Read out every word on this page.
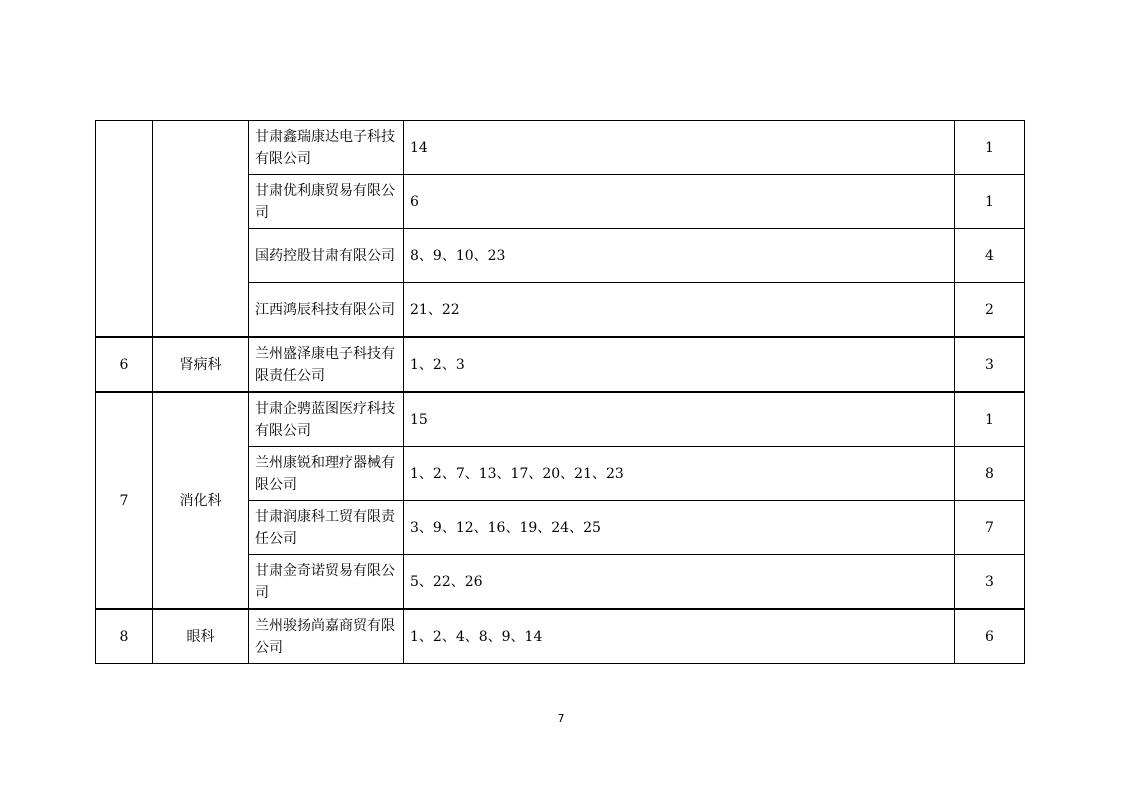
		甘肃鑫瑞康达电子科技有限公司	14	1
		甘肃优利康贸易有限公司	6	1
		国药控股甘肃有限公司	8、9、10、23	4
		江西鸿辰科技有限公司	21、22	2
6	肾病科	兰州盛泽康电子科技有限责任公司	1、2、3	3
7	消化科	甘肃企骋蓝图医疗科技有限公司	15	1
		兰州康锐和理疗器械有限公司	1、2、7、13、17、20、21、23	8
		甘肃润康科工贸有限责任公司	3、9、12、16、19、24、25	7
		甘肃金奇诺贸易有限公司	5、22、26	3
8	眼科	兰州骏扬尚嘉商贸有限公司	1、2、4、8、9、14	6
7
